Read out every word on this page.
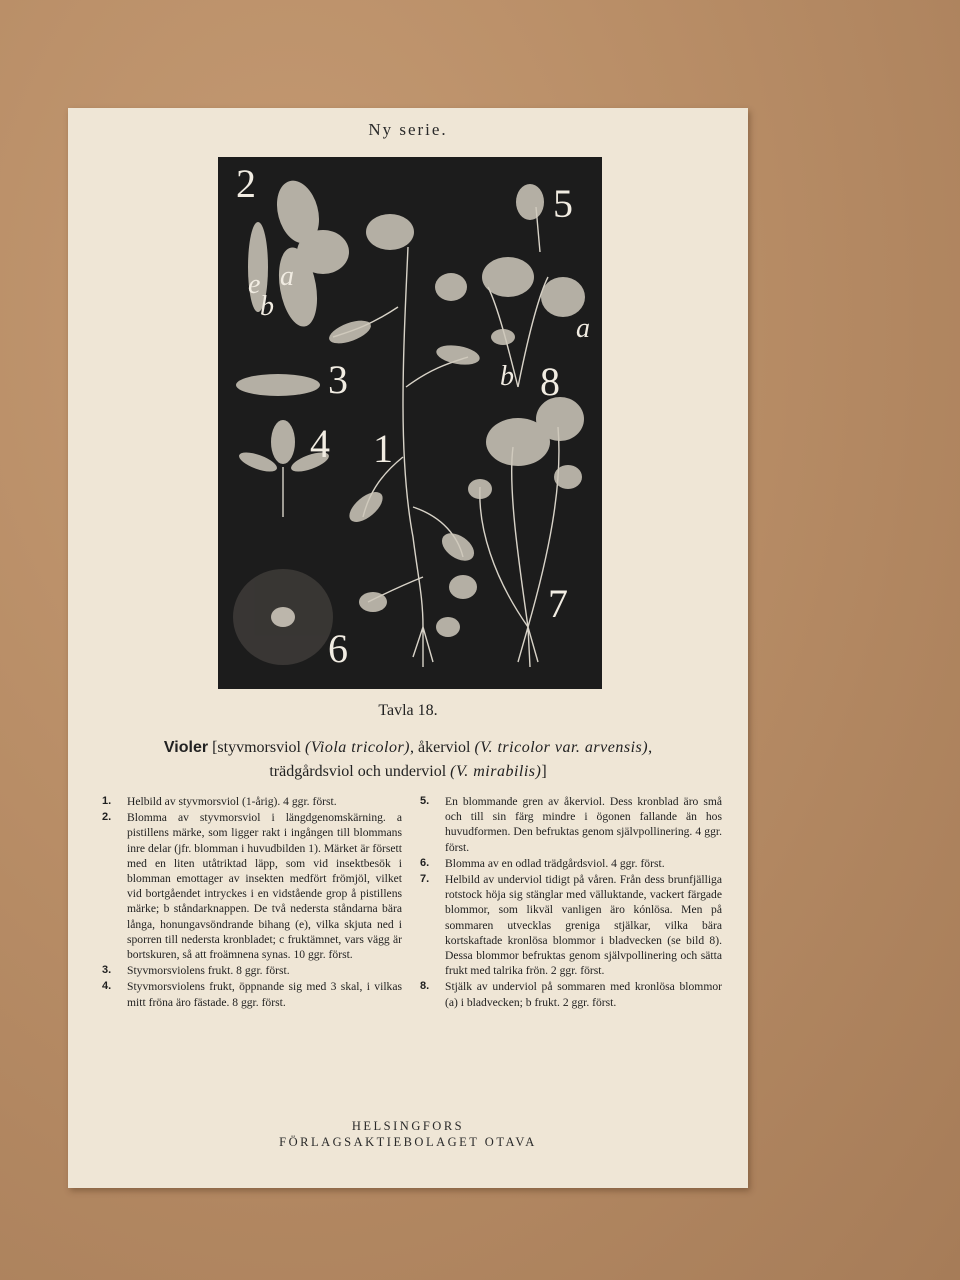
Ny serie.
2	5
3
4 1
8
6
7
a
e
b
a
b
Tavla 18.
Violer [styvmorsviol (Viola tricolor), åkerviol (V. tricolor var. arvensis),
trädgårdsviol och underviol (V. mirabilis)]
1. Helbild av styvmorsviol (1-årig). 4 ggr. först.
2. Blomma av styvmorsviol i längdgenomskärning. a pistillens märke, som ligger rakt i ingången till blommans inre delar (jfr. blomman i huvudbilden 1). Märket är försett med en liten utåtriktad läpp, som vid insektbesök i blomman emottager av insekten medfört frömjöl, vilket vid bortgåendet intryckes i en vidstående grop å pistillens märke; b ståndarknappen. De två nedersta ståndarna bära långa, honungavsöndrande bihang (e), vilka skjuta ned i sporren till nedersta kronbladet; c fruktämnet, vars vägg är bortskuren, så att froämnena synas. 10 ggr. först.
3. Styvmorsviolens frukt. 8 ggr. först.
4. Styvmorsviolens frukt, öppnande sig med 3 skal, i vilkas mitt fröna äro fästade. 8 ggr. först.
5. En blommande gren av åkerviol. Dess kronblad äro små och till sin färg mindre i ögonen fallande än hos huvudformen. Den befruktas genom självpollinering. 4 ggr. först.
6. Blomma av en odlad trädgårdsviol. 4 ggr. först.
7. Helbild av underviol tidigt på våren. Från dess brunfjälliga rotstock höja sig stänglar med välluktande, vackert färgade blommor, som likväl vanligen äro kónlösa. Men på sommaren utvecklas greniga stjälkar, vilka bära kortskaftade kronlösa blommor i bladvecken (se bild 8). Dessa blommor befruktas genom självpollinering och sätta frukt med talrika frön. 2 ggr. först.
8. Stjälk av underviol på sommaren med kronlösa blommor (a) i bladvecken; b frukt. 2 ggr. först.
HELSINGFORS
FÖRLAGSAKTIEBOLAGET OTAVA
